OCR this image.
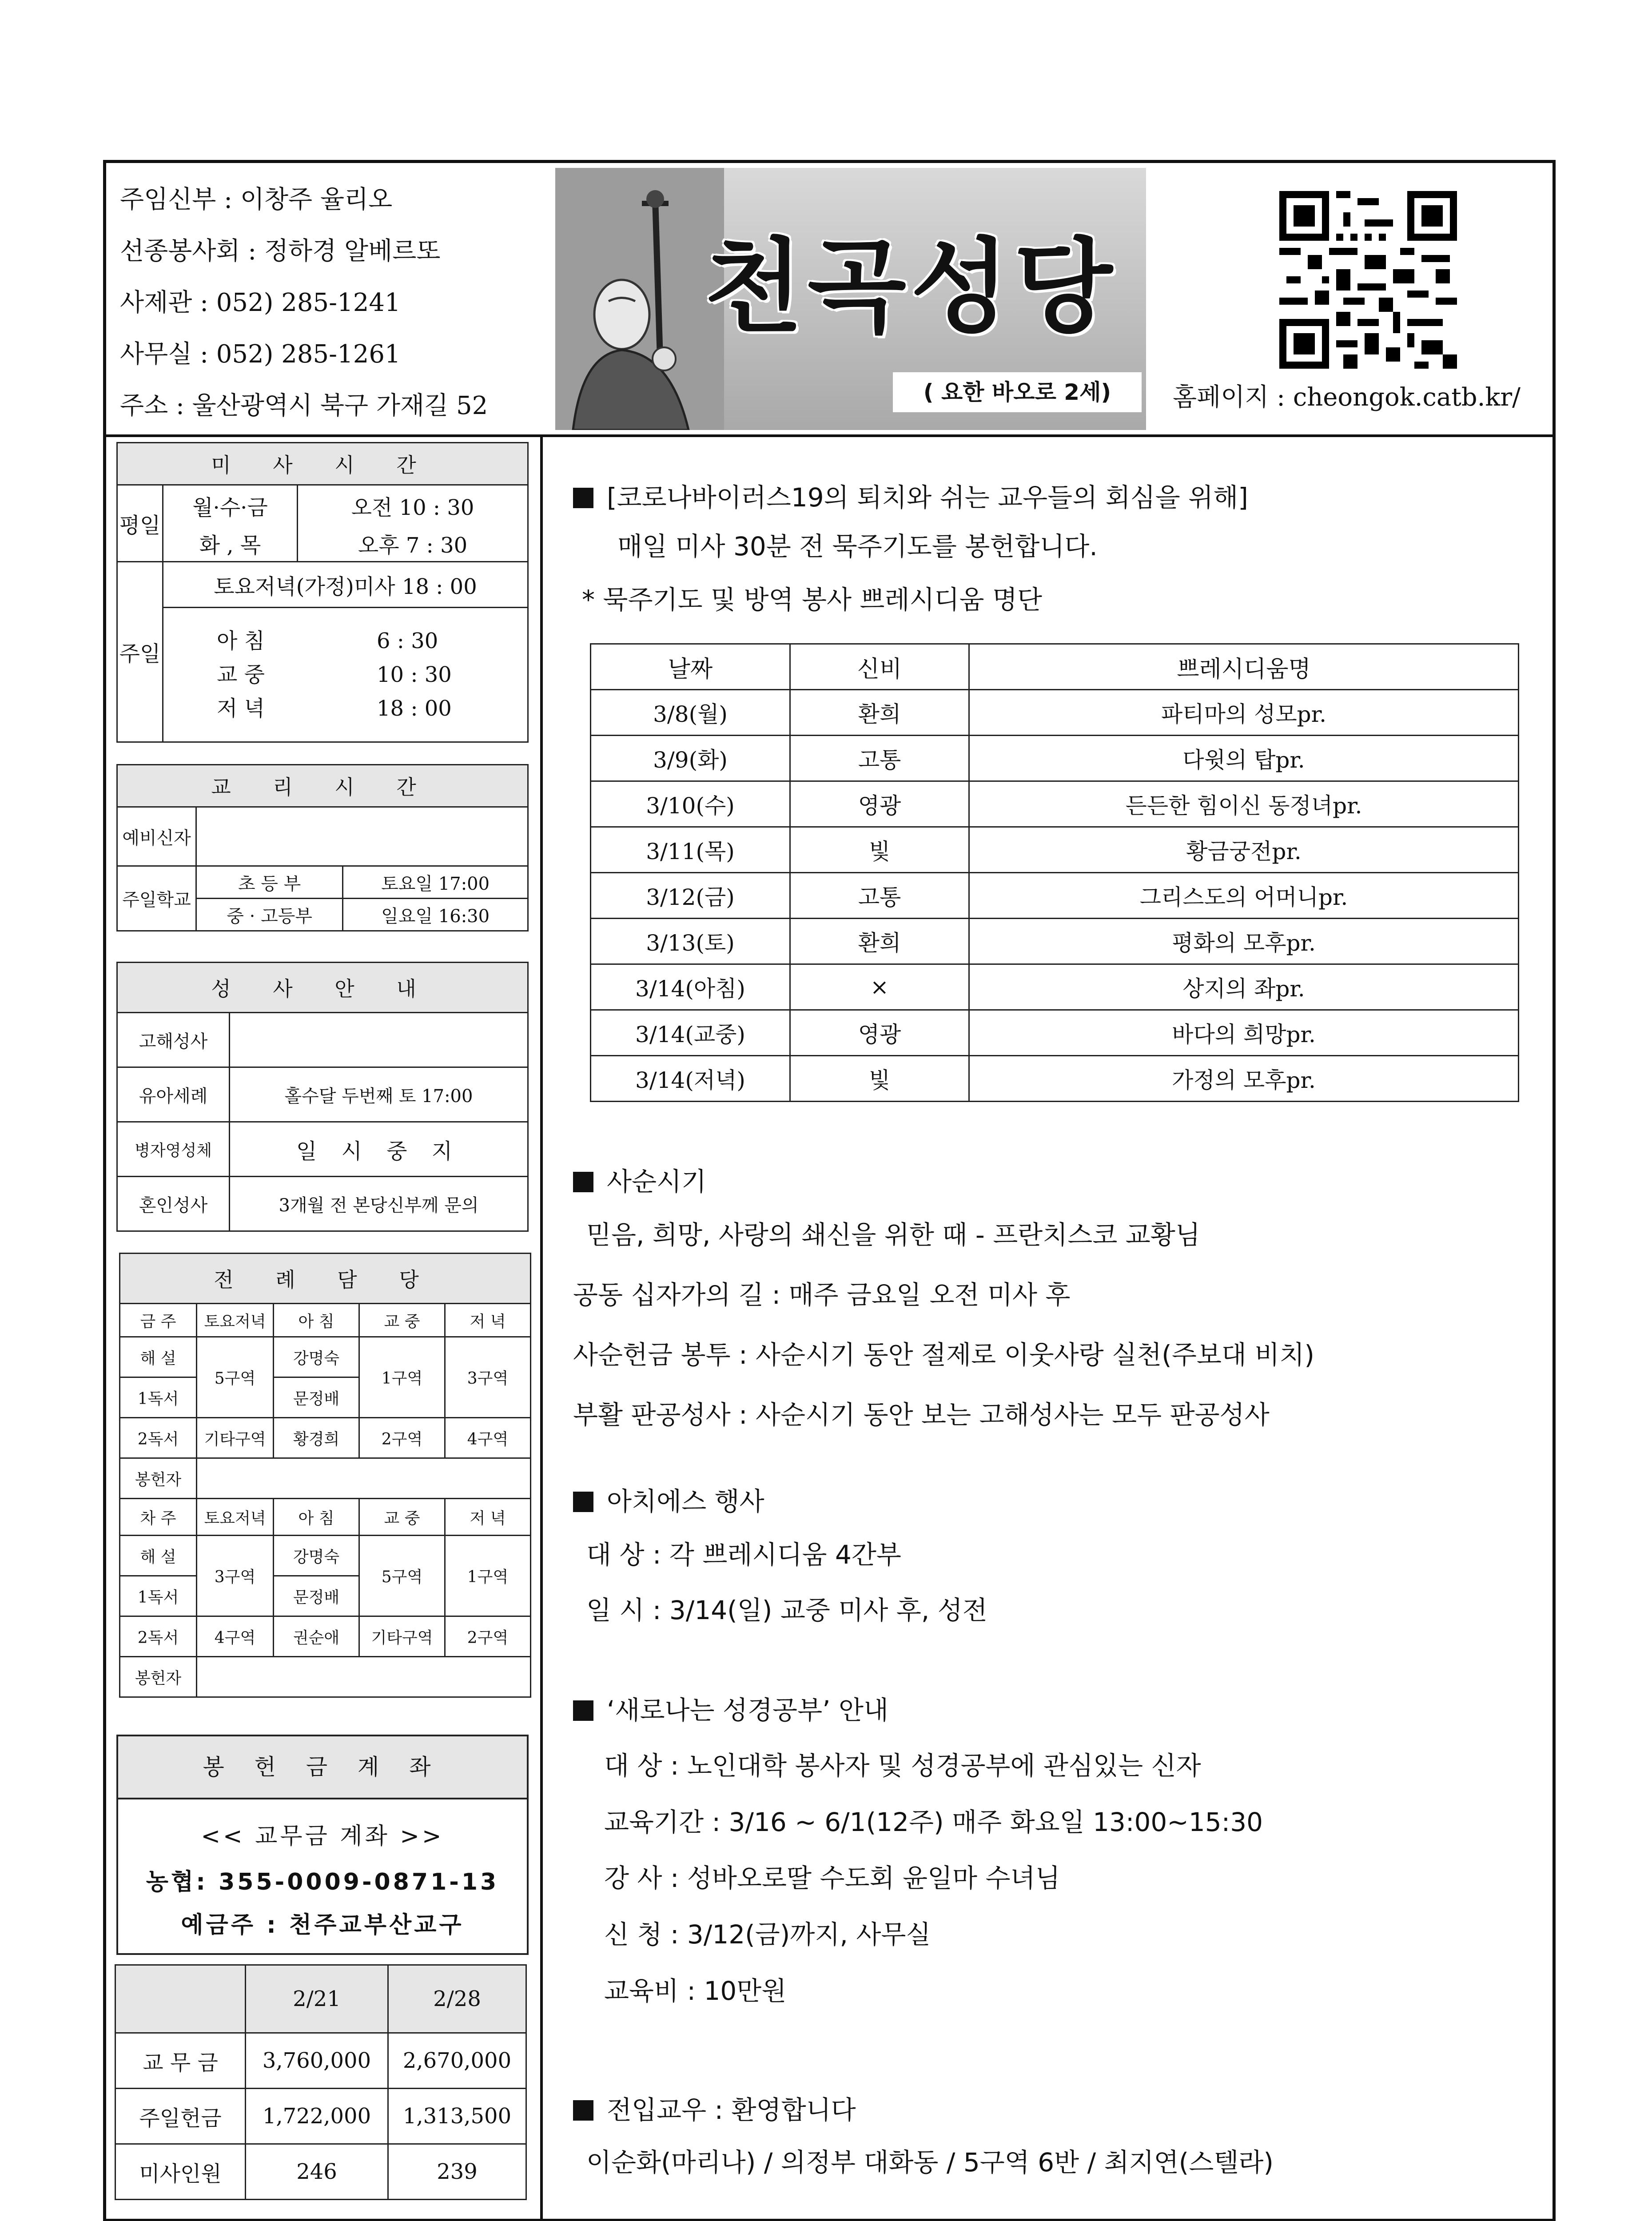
주임신부 : 이창주 율리오
선종봉사회 : 정하경 알베르또
사제관 : 052) 285-1241
사무실 : 052) 285-1261
주소 : 울산광역시 북구 가재길 52
천곡성당
( 요한 바오로 2세)	홈페이지 : cheongok.catb.kr/
미 사 시 간		
평일	월·수·금	오전 10 : 30
	화 , 목	오후 7 : 30
주일	토요저녁(가정)미사 18 : 00	

	아 침 6 : 30
교 중 10 : 30
저 녁 18 : 00	
교 리 시 간		
예비신자		
주일학교	초 등 부	토요일 17:00
	중 · 고등부	일요일 16:30
성 사 안 내	
고해성사	
유아세례	홀수달 두번째 토 17:00
병자영성체	일 시 중 지
혼인성사	3개월 전 본당신부께 문의
전 례 담 당				
금 주	토요저녁	아 침	교 중	저 녁
해 설	5구역	강명숙	1구역	3구역
1독서		문정배		
2독서	기타구역	황경희	2구역	4구역
봉헌자				
차 주	토요저녁	아 침	교 중	저 녁
해 설	3구역	강명숙	5구역	1구역
1독서		문정배		
2독서	4구역	권순애	기타구역	2구역
봉헌자				
봉 헌 금 계 좌
<< 교무금 계좌 >>
농협: 355-0009-0871-13
예금주 : 천주교부산교구
	2/21	2/28
교 무 금	3,760,000	2,670,000
주일헌금	1,722,000	1,313,500
미사인원	246	239
[코로나바이러스19의 퇴치와 쉬는 교우들의 회심을 위해]
매일 미사 30분 전 묵주기도를 봉헌합니다.
* 묵주기도 및 방역 봉사 쁘레시디움 명단
날짜	신비	쁘레시디움명
3/8(월)	환희	파티마의 성모pr.
3/9(화)	고통	다윗의 탑pr.
3/10(수)	영광	든든한 힘이신 동정녀pr.
3/11(목)	빛	황금궁전pr.
3/12(금)	고통	그리스도의 어머니pr.
3/13(토)	환희	평화의 모후pr.
3/14(아침)	×	상지의 좌pr.
3/14(교중)	영광	바다의 희망pr.
3/14(저녁)	빛	가정의 모후pr.
사순시기
믿음, 희망, 사랑의 쇄신을 위한 때 - 프란치스코 교황님
공동 십자가의 길 : 매주 금요일 오전 미사 후
사순헌금 봉투 : 사순시기 동안 절제로 이웃사랑 실천(주보대 비치)
부활 판공성사 : 사순시기 동안 보는 고해성사는 모두 판공성사
아치에스 행사
대 상 : 각 쁘레시디움 4간부
일 시 : 3/14(일) 교중 미사 후, 성전
‘새로나는 성경공부’ 안내
대 상 : 노인대학 봉사자 및 성경공부에 관심있는 신자
교육기간 : 3/16 ~ 6/1(12주) 매주 화요일 13:00~15:30
강 사 : 성바오로딸 수도회 윤일마 수녀님
신 청 : 3/12(금)까지, 사무실
교육비 : 10만원
전입교우 : 환영합니다
이순화(마리나) / 의정부 대화동 / 5구역 6반 / 최지연(스텔라)
